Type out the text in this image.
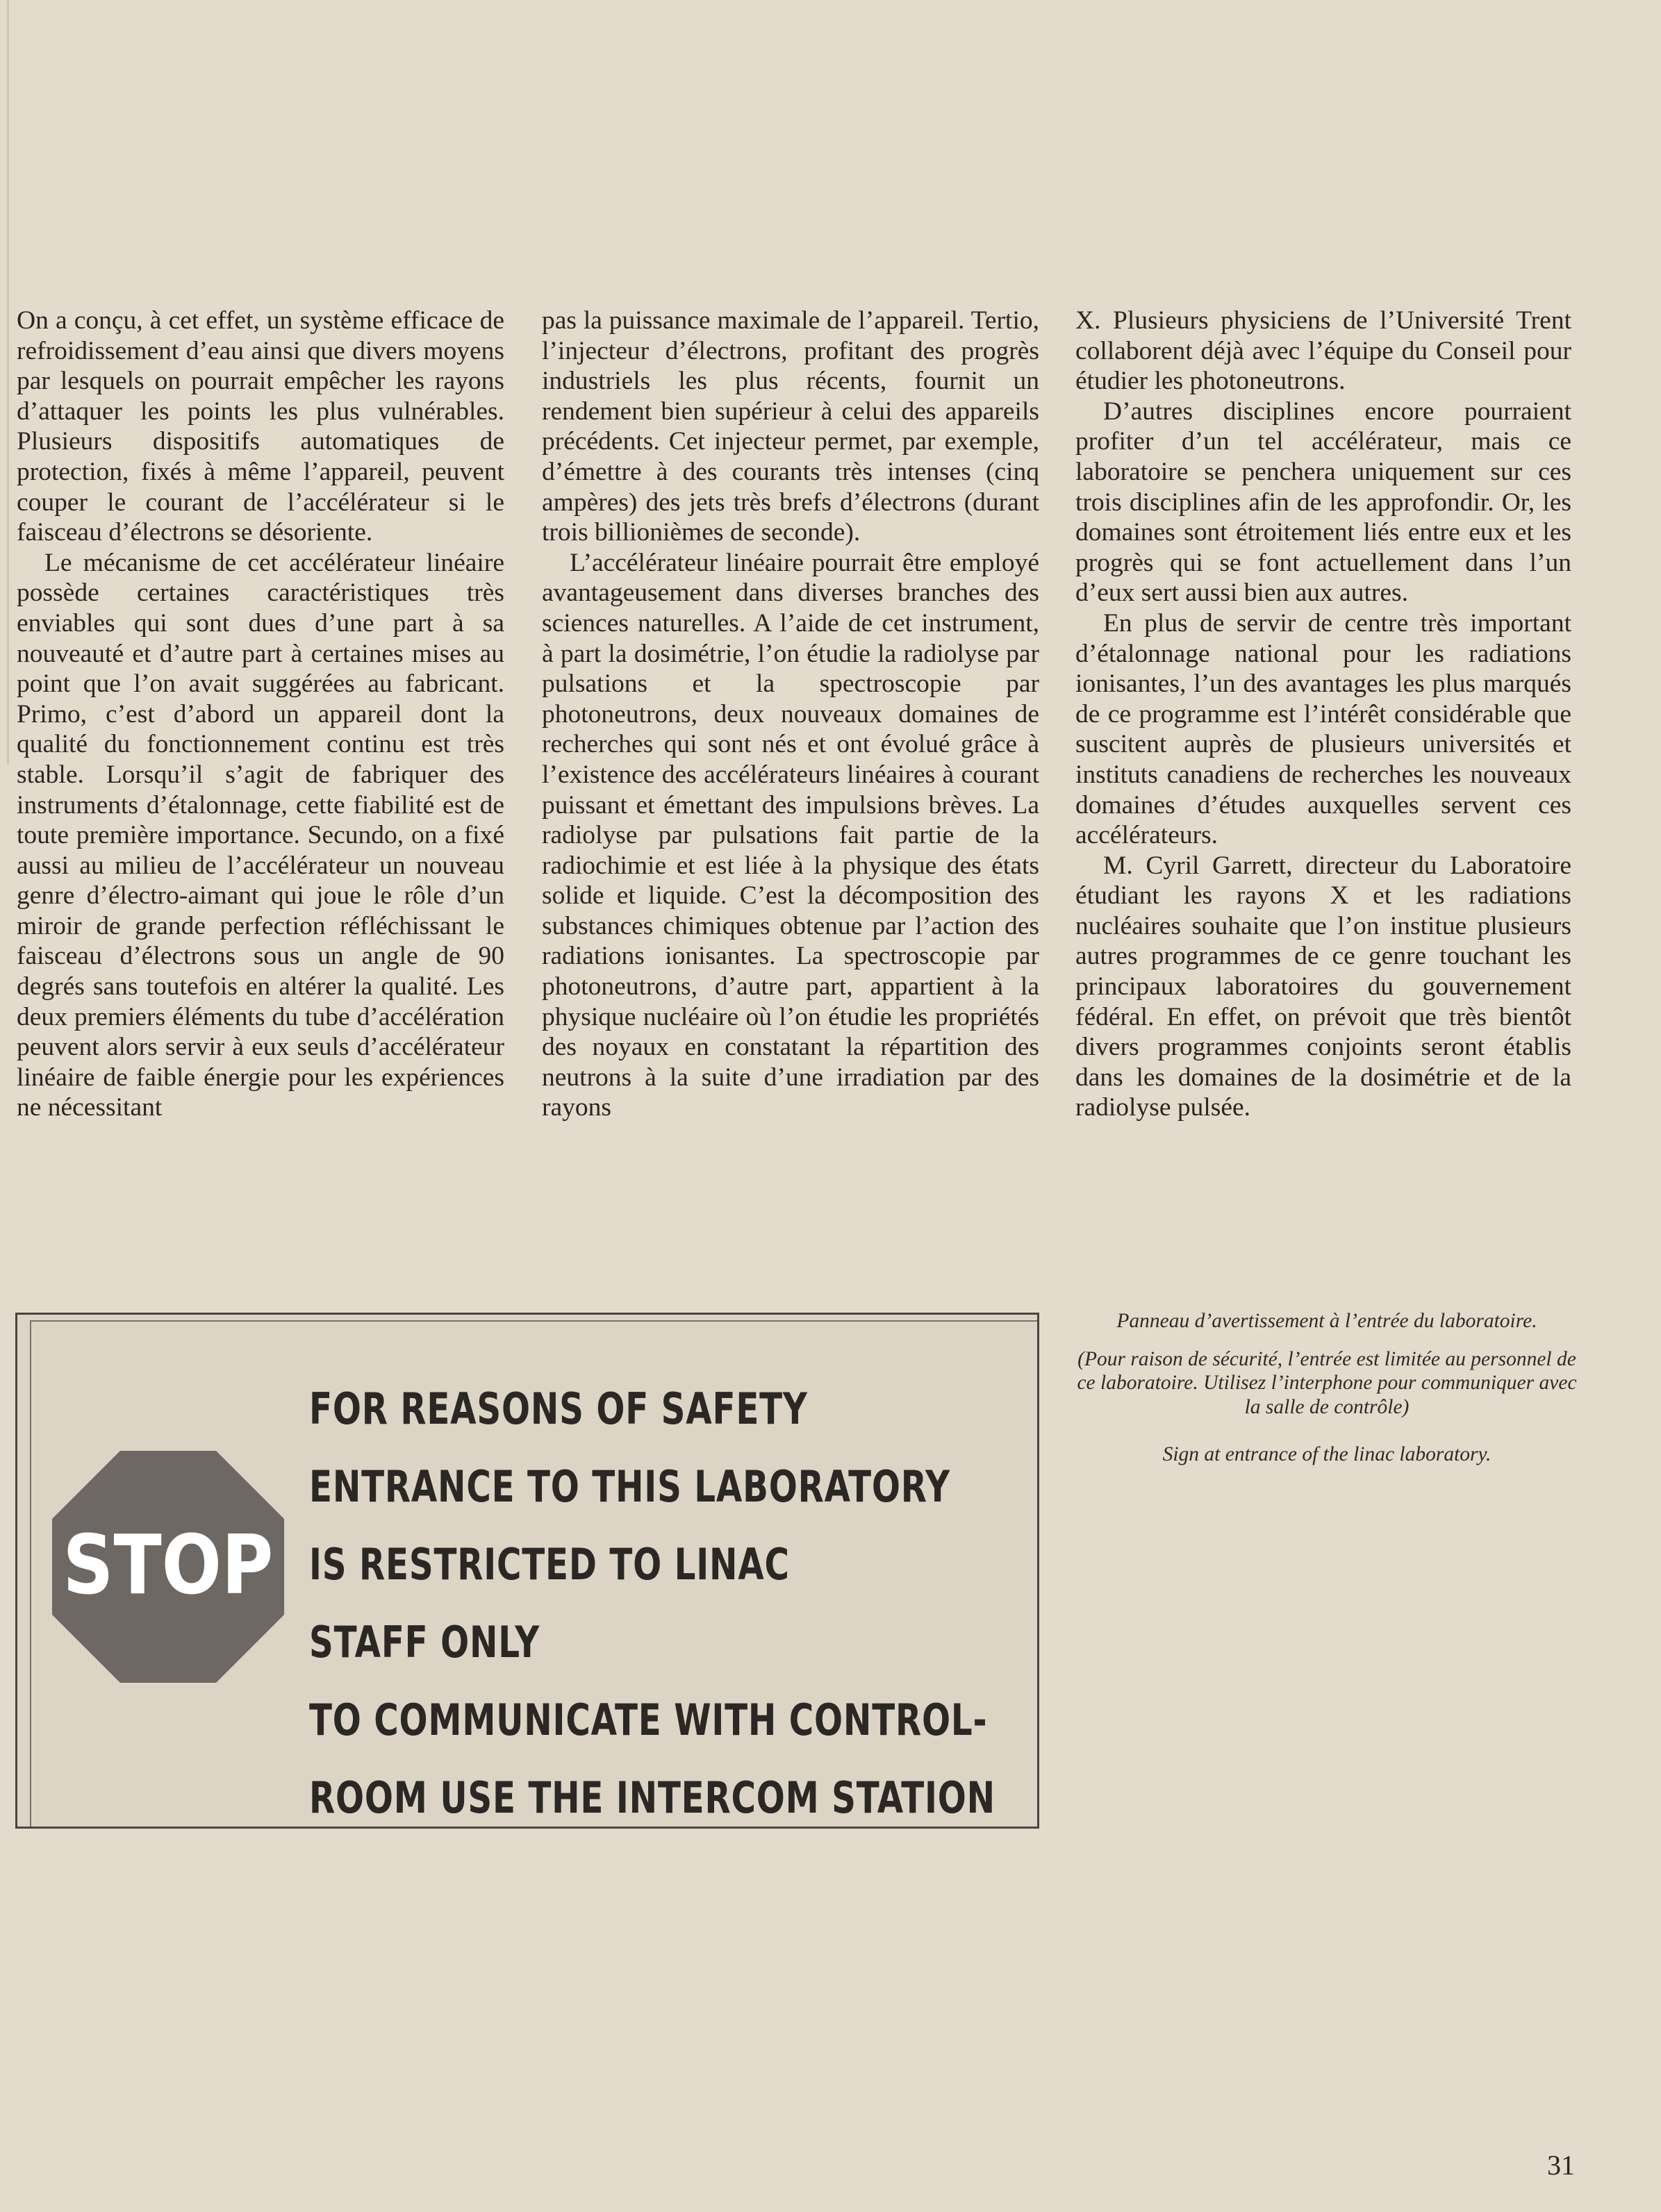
On a conçu, à cet effet, un système efficace de refroidissement d’eau ainsi que divers moyens par lesquels on pourrait empêcher les rayons d’attaquer les points les plus vulnérables. Plusieurs dispositifs automatiques de protection, fixés à même l’appareil, peuvent couper le courant de l’accélérateur si le faisceau d’électrons se désoriente.

Le mécanisme de cet accélérateur linéaire possède certaines caractéristiques très enviables qui sont dues d’une part à sa nouveauté et d’autre part à certaines mises au point que l’on avait suggérées au fabricant. Primo, c’est d’abord un appareil dont la qualité du fonctionnement continu est très stable. Lorsqu’il s’agit de fabriquer des instruments d’étalonnage, cette fiabilité est de toute première importance. Secundo, on a fixé aussi au milieu de l’accélérateur un nouveau genre d’électro-aimant qui joue le rôle d’un miroir de grande perfection réfléchissant le faisceau d’électrons sous un angle de 90 degrés sans toutefois en altérer la qualité. Les deux premiers éléments du tube d’accélération peuvent alors servir à eux seuls d’accélérateur linéaire de faible énergie pour les expériences ne nécessitant

pas la puissance maximale de l’appareil. Tertio, l’injecteur d’électrons, profitant des progrès industriels les plus récents, fournit un rendement bien supérieur à celui des appareils précédents. Cet injecteur permet, par exemple, d’émettre à des courants très intenses (cinq ampères) des jets très brefs d’électrons (durant trois billionièmes de seconde).

L’accélérateur linéaire pourrait être employé avantageusement dans diverses branches des sciences naturelles. A l’aide de cet instrument, à part la dosimétrie, l’on étudie la radiolyse par pulsations et la spectroscopie par photoneutrons, deux nouveaux domaines de recherches qui sont nés et ont évolué grâce à l’existence des accélérateurs linéaires à courant puissant et émettant des impulsions brèves. La radiolyse par pulsations fait partie de la radiochimie et est liée à la physique des états solide et liquide. C’est la décomposition des substances chimiques obtenue par l’action des radiations ionisantes. La spectroscopie par photoneutrons, d’autre part, appartient à la physique nucléaire où l’on étudie les propriétés des noyaux en constatant la répartition des neutrons à la suite d’une irradiation par des rayons

X. Plusieurs physiciens de l’Université Trent collaborent déjà avec l’équipe du Conseil pour étudier les photoneutrons.

D’autres disciplines encore pourraient profiter d’un tel accélérateur, mais ce laboratoire se penchera uniquement sur ces trois disciplines afin de les approfondir. Or, les domaines sont étroitement liés entre eux et les progrès qui se font actuellement dans l’un d’eux sert aussi bien aux autres.

En plus de servir de centre très important d’étalonnage national pour les radiations ionisantes, l’un des avantages les plus marqués de ce programme est l’intérêt considérable que suscitent auprès de plusieurs universités et instituts canadiens de recherches les nouveaux domaines d’études auxquelles servent ces accélérateurs.

M. Cyril Garrett, directeur du Laboratoire étudiant les rayons X et les radiations nucléaires souhaite que l’on institue plusieurs autres programmes de ce genre touchant les principaux laboratoires du gouvernement fédéral. En effet, on prévoit que très bientôt divers programmes conjoints seront établis dans les domaines de la dosimétrie et de la radiolyse pulsée.

STOP
FOR REASONS OF SAFETY
ENTRANCE TO THIS LABORATORY
IS RESTRICTED TO LINAC
STAFF ONLY
TO COMMUNICATE WITH CONTROL-
ROOM USE THE INTERCOM STATION

Panneau d’avertissement à l’entrée du laboratoire.

(Pour raison de sécurité, l’entrée est limitée au personnel de ce laboratoire. Utilisez l’interphone pour communiquer avec la salle de contrôle)

Sign at entrance of the linac laboratory.

31
